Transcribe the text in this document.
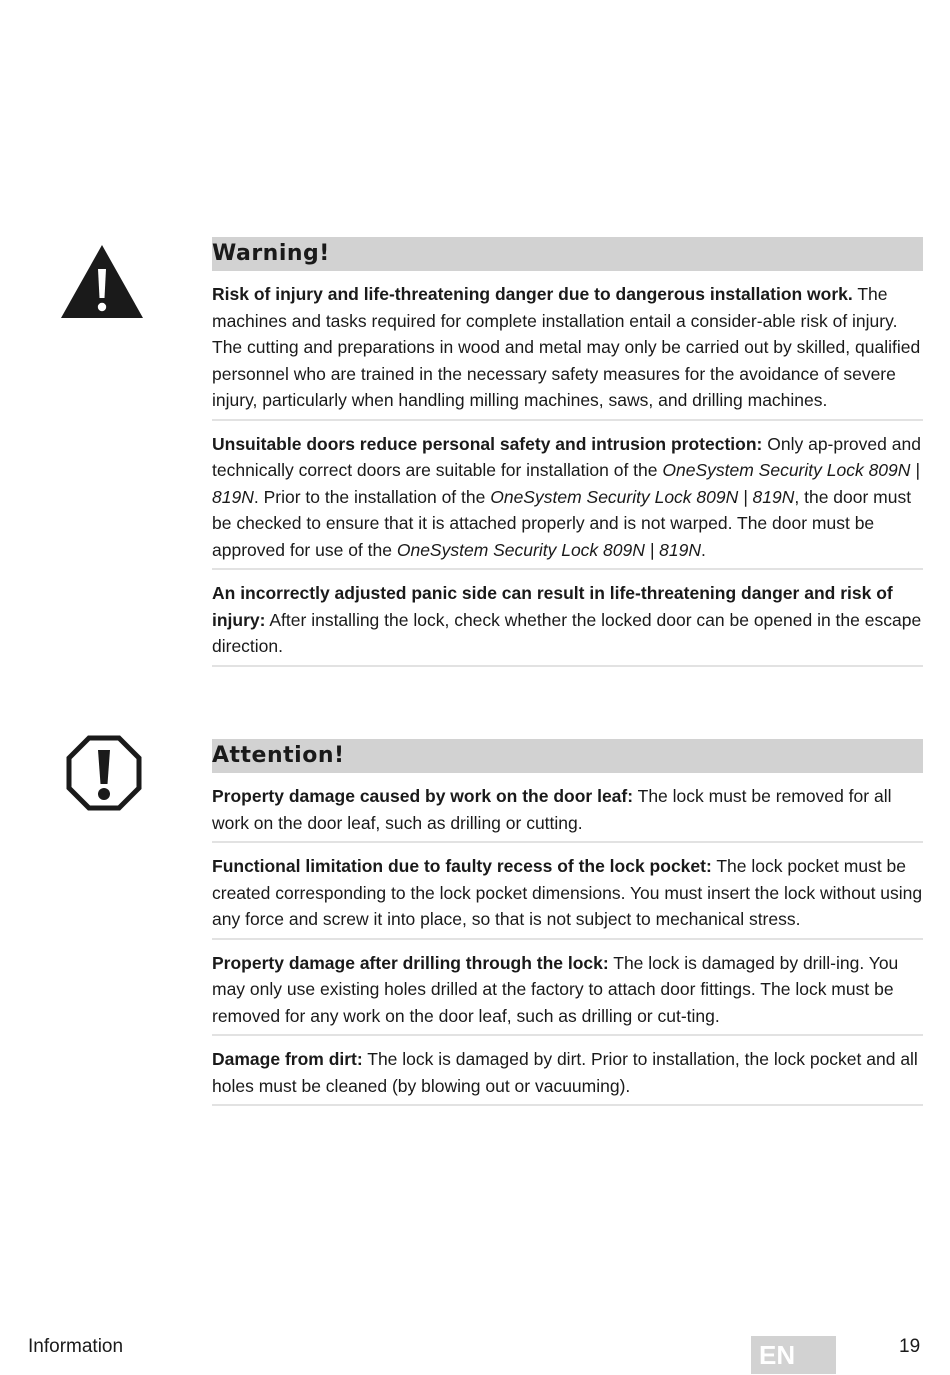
Warning!
Risk of injury and life-threatening danger due to dangerous installation work. The machines and tasks required for complete installation entail a consider-able risk of injury. The cutting and preparations in wood and metal may only be carried out by skilled, qualified personnel who are trained in the necessary safety measures for the avoidance of severe injury, particularly when handling milling machines, saws, and drilling machines.
Unsuitable doors reduce personal safety and intrusion protection: Only ap-proved and technically correct doors are suitable for installation of the OneSystem Security Lock 809N | 819N. Prior to the installation of the OneSystem Security Lock 809N | 819N, the door must be checked to ensure that it is attached properly and is not warped. The door must be approved for use of the OneSystem Security Lock 809N | 819N.
An incorrectly adjusted panic side can result in life-threatening danger and risk of injury: After installing the lock, check whether the locked door can be opened in the escape direction.
Attention!
Property damage caused by work on the door leaf: The lock must be removed for all work on the door leaf, such as drilling or cutting.
Functional limitation due to faulty recess of the lock pocket: The lock pocket must be created corresponding to the lock pocket dimensions. You must insert the lock without using any force and screw it into place, so that is not subject to mechanical stress.
Property damage after drilling through the lock: The lock is damaged by drill-ing. You may only use existing holes drilled at the factory to attach door fittings. The lock must be removed for any work on the door leaf, such as drilling or cut-ting.
Damage from dirt: The lock is damaged by dirt. Prior to installation, the lock pocket and all holes must be cleaned (by blowing out or vacuuming).
Information	EN	19
